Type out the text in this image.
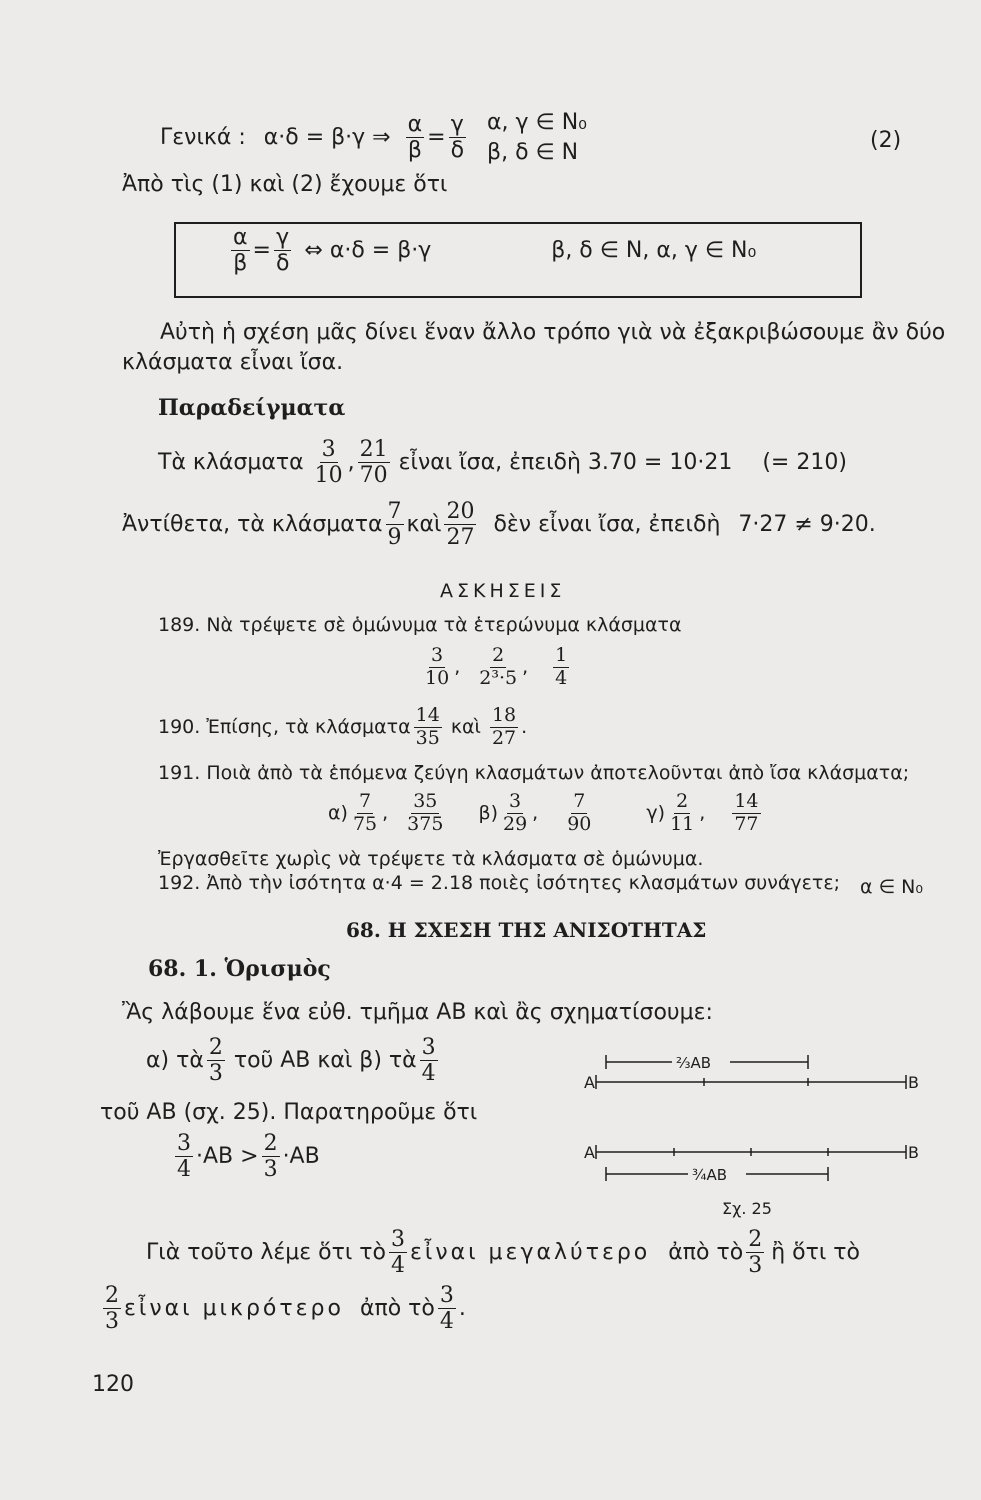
Γενικά : α·δ = β·γ ⇒ $\frac{\alpha}{\beta} = \frac{\gamma}{\delta} \alpha$, γ ∈ N₀
β, δ ∈ N	(2)
Ἀπὸ τὶς (1) καὶ (2) ἔχουμε ὅτι
$\frac{\alpha}{\beta} = \frac{\gamma}{\delta}$ ⇔ α·δ = β·γ	β, δ ∈ N, α, γ ∈ N₀
Αὐτὴ ἡ σχέση μᾶς δίνει ἕναν ἄλλο τρόπο γιὰ νὰ ἐξακριβώσουμε ἂν δύο κλάσματα εἶναι ἴσα.
Παραδείγματα
Τὰ κλάσματα $\frac{3}{10}$ , $\frac{21}{70}$ εἶναι ἴσα, ἐπειδὴ 3.70 = 10·21 (= 210)
Ἀντίθετα, τὰ κλάσματα $\frac{7}{9}$ καὶ $\frac{20}{27}$ δὲν εἶναι ἴσα, ἐπειδὴ 7·27 ≠ 9·20.
ΑΣΚΗΣΕΙΣ
189. Νὰ τρέψετε σὲ ὁμώνυμα τὰ ἑτερώνυμα κλάσματα
$\frac{3}{10}$ , $\frac{2}{\text{2³·5}}$ , $\frac{1}{4}$
190. Ἐπίσης, τὰ κλάσματα $\frac{14}{35}$ καὶ $\frac{18}{27}$ .
191. Ποιὰ ἀπὸ τὰ ἑπόμενα ζεύγη κλασμάτων ἀποτελοῦνται ἀπὸ ἴσα κλάσματα;
$\alpha) \frac{7}{75}$ , $\frac{35}{375} \beta) \frac{3}{29}$ , $\frac{7}{90}$	$\gamma) \frac{2}{11}$ , $\frac{14}{77}$
Ἐργασθεῖτε χωρὶς νὰ τρέψετε τὰ κλάσματα σὲ ὁμώνυμα.
192. Ἀπὸ τὴν ἰσότητα α·4 = 2.18 ποιὲς ἰσότητες κλασμάτων συνάγετε; α ∈ N₀
68. Η ΣΧΕΣΗ ΤΗΣ ΑΝΙΣΟΤΗΤΑΣ
68. 1. Ὁρισμὸς
Ἂς λάβουμε ἕνα εὐθ. τμῆμα ΑΒ καὶ ἂς σχηματίσουμε:
α) τὰ $\frac{2}{3}$ τοῦ ΑΒ καὶ β) τὰ $\frac{3}{4}$
τοῦ ΑΒ (σχ. 25). Παρατηροῦμε ὅτι
$\frac{3}{4} \cdot AB > \frac{2}{3} \cdot AB$
Γιὰ τοῦτο λέμε ὅτι τὸ $\frac{3}{4}$ εἶναι μεγαλύτερο ἀπὸ τὸ $\frac{2}{3}$ ἢ ὅτι τὸ
$\frac{2}{3}$ εἶναι μικρότερο ἀπὸ τὸ $\frac{3}{4}$ .
⅔ΑΒ
Α	Β
Α	Β
¾ΑΒ
Σχ. 25
120
